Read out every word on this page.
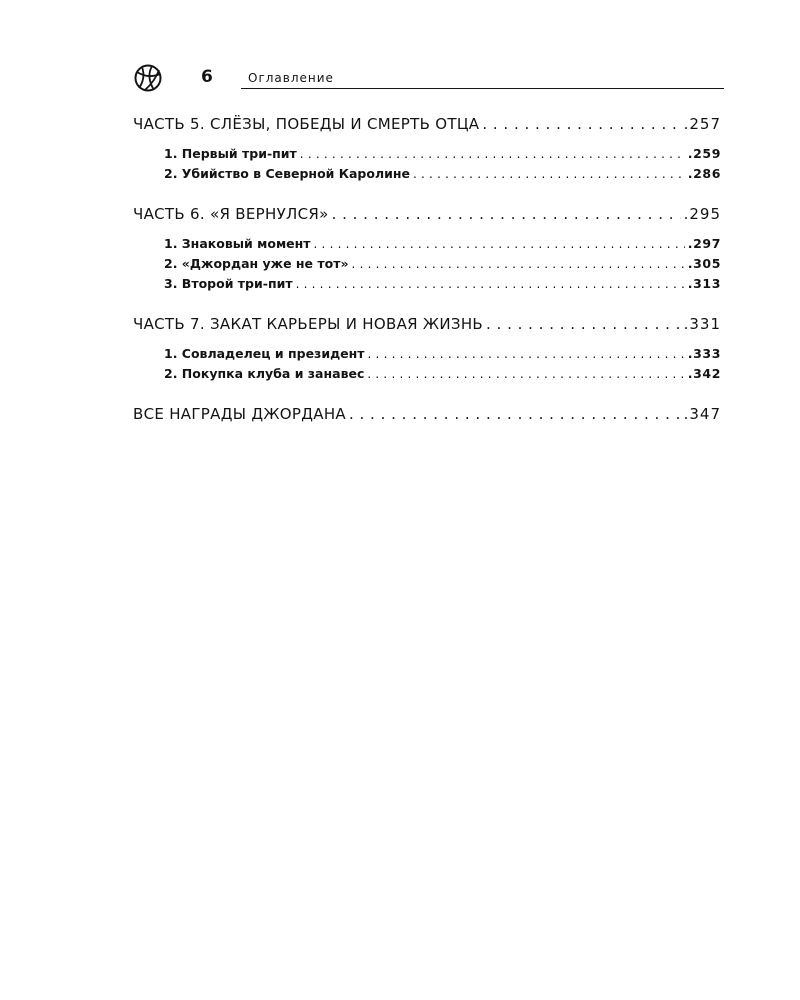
6	Оглавление
ЧАСТЬ 5. СЛЁЗЫ, ПОБЕДЫ И СМЕРТЬ ОТЦА . . .	.257
1. Первый три-пит . . .	.259
2. Убийство в Северной Каролине . . .	.286
ЧАСТЬ 6. «Я ВЕРНУЛСЯ» . . .	.295
1. Знаковый момент . . .	.297
2. «Джордан уже не тот» . . .	.305
3. Второй три-пит . . .	.313
ЧАСТЬ 7. ЗАКАТ КАРЬЕРЫ И НОВАЯ ЖИЗНЬ . . .	.331
1. Совладелец и президент . . .	.333
2. Покупка клуба и занавес . . .	.342
ВСЕ НАГРАДЫ ДЖОРДАНА . . .	.347
